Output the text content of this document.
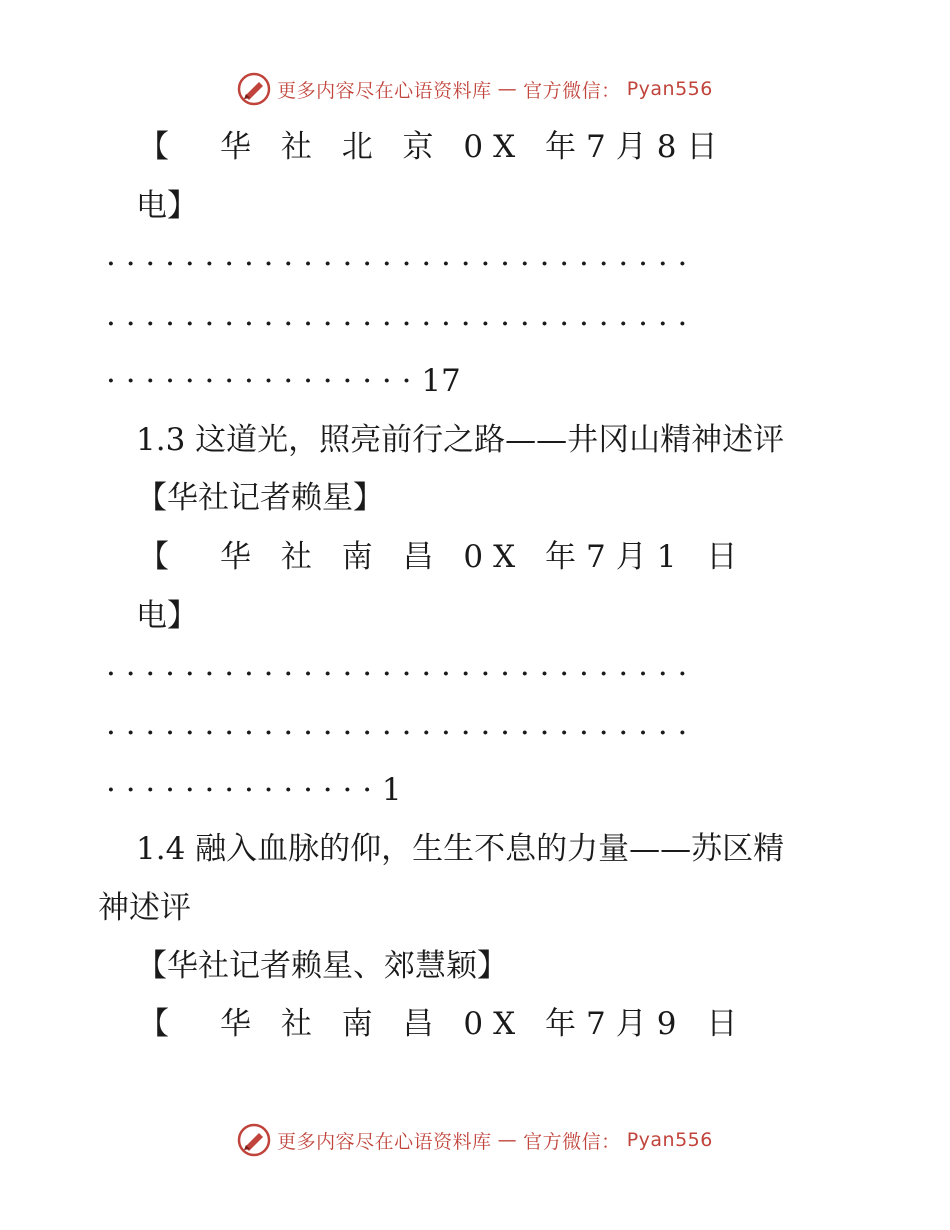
更多内容尽在心语资料库 — 官方微信： Pyan556
【　华 社 北 京 0X 年7月8日
电】
· · · · · · · · · · · · · · · · · · · · · · · · · · · · · ·
· · · · · · · · · · · · · · · · · · · · · · · · · · · · · ·
· · · · · · · · · · · · · · · · 17
1.3 这道光，照亮前行之路——井冈山精神述评
【华社记者赖星】
【　华 社 南 昌 0X 年7月1 日
电】
· · · · · · · · · · · · · · · · · · · · · · · · · · · · · ·
· · · · · · · · · · · · · · · · · · · · · · · · · · · · · ·
· · · · · · · · · · · · · · 1
1.4 融入血脉的仰，生生不息的力量——苏区精
神述评
【华社记者赖星、郊慧颖】
【　华 社 南 昌 0X 年7月9 日
更多内容尽在心语资料库 — 官方微信： Pyan556
